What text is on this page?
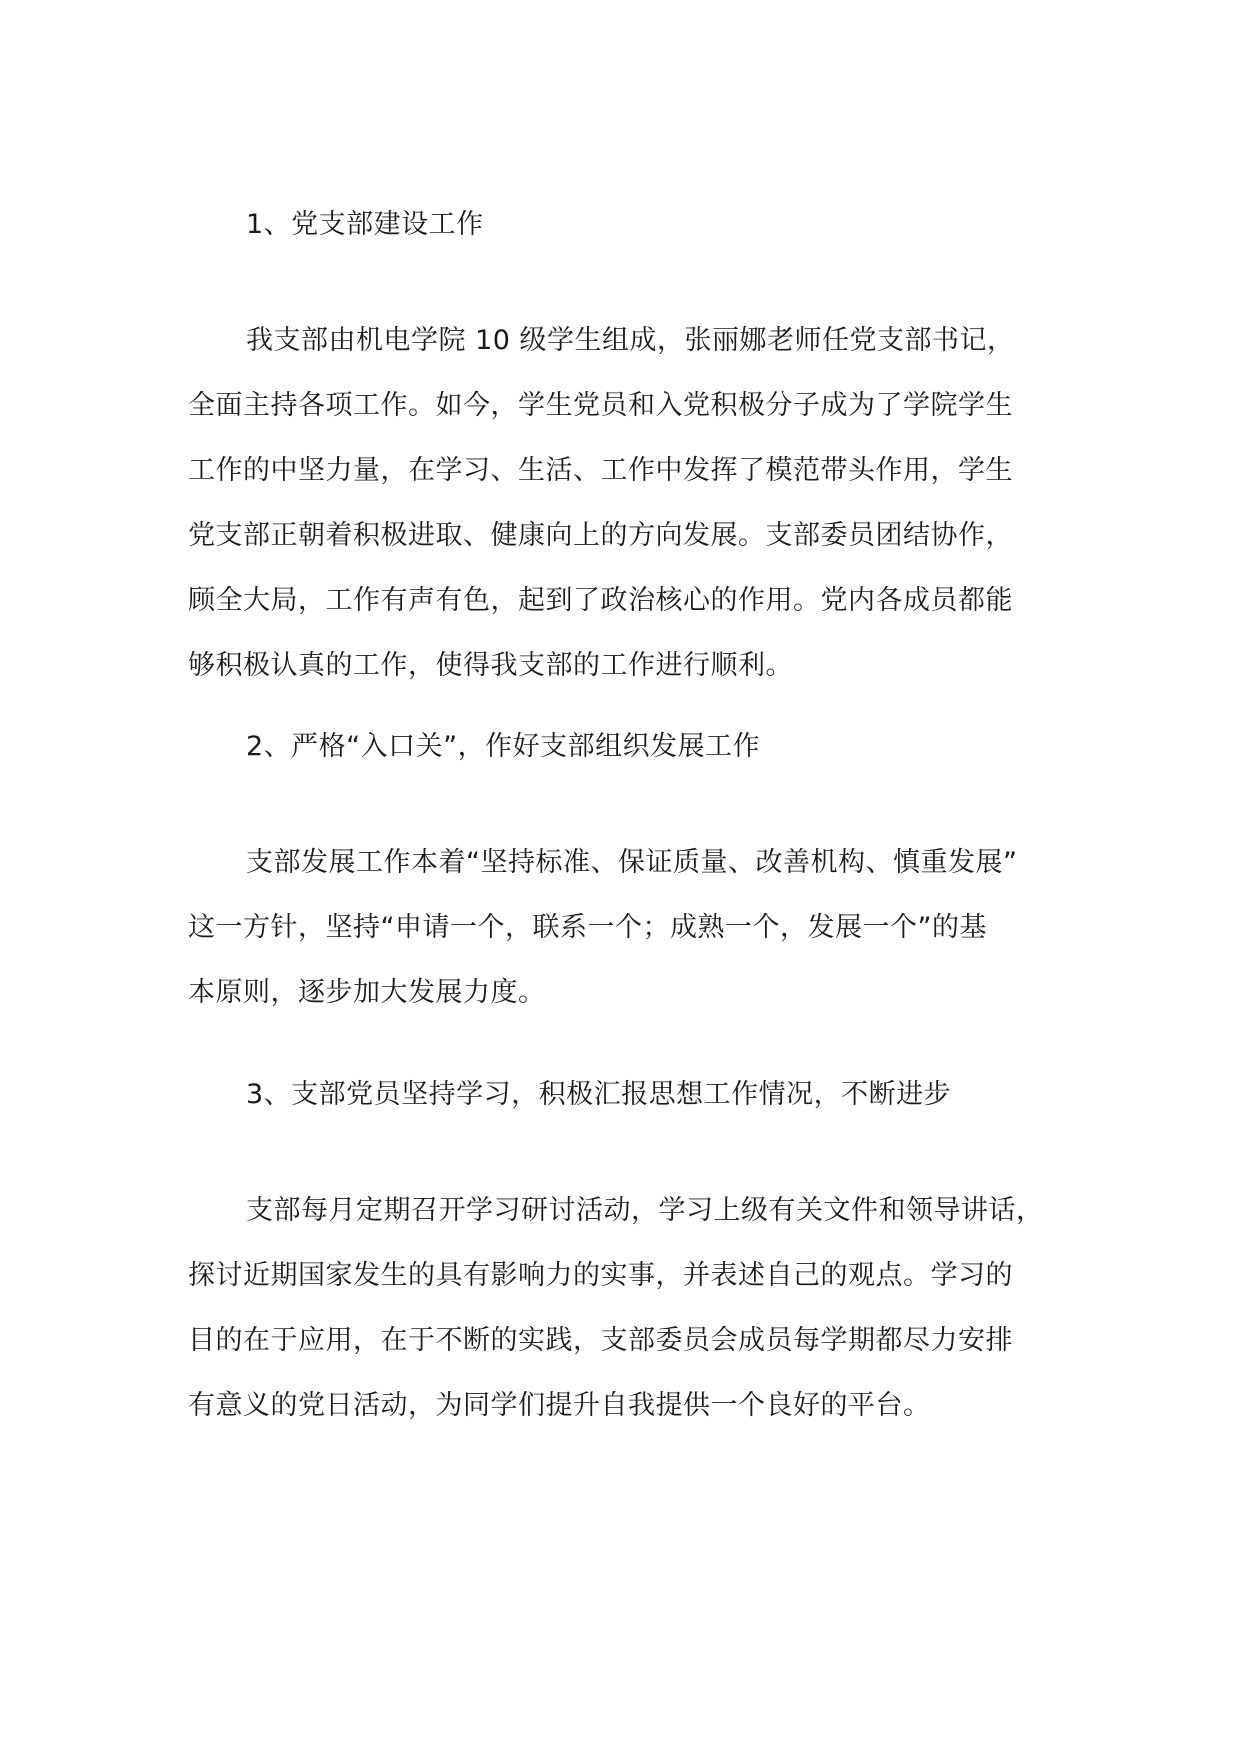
1、党支部建设工作

我支部由机电学院 10 级学生组成，张丽娜老师任党支部书记，
全面主持各项工作。如今，学生党员和入党积极分子成为了学院学生
工作的中坚力量，在学习、生活、工作中发挥了模范带头作用，学生
党支部正朝着积极进取、健康向上的方向发展。支部委员团结协作，
顾全大局，工作有声有色，起到了政治核心的作用。党内各成员都能
够积极认真的工作，使得我支部的工作进行顺利。

2、严格“入口关”，作好支部组织发展工作

支部发展工作本着“坚持标准、保证质量、改善机构、慎重发展”
这一方针，坚持“申请一个，联系一个；成熟一个，发展一个”的基
本原则，逐步加大发展力度。

3、支部党员坚持学习，积极汇报思想工作情况，不断进步

支部每月定期召开学习研讨活动，学习上级有关文件和领导讲话，
探讨近期国家发生的具有影响力的实事，并表述自己的观点。学习的
目的在于应用，在于不断的实践，支部委员会成员每学期都尽力安排
有意义的党日活动，为同学们提升自我提供一个良好的平台。
